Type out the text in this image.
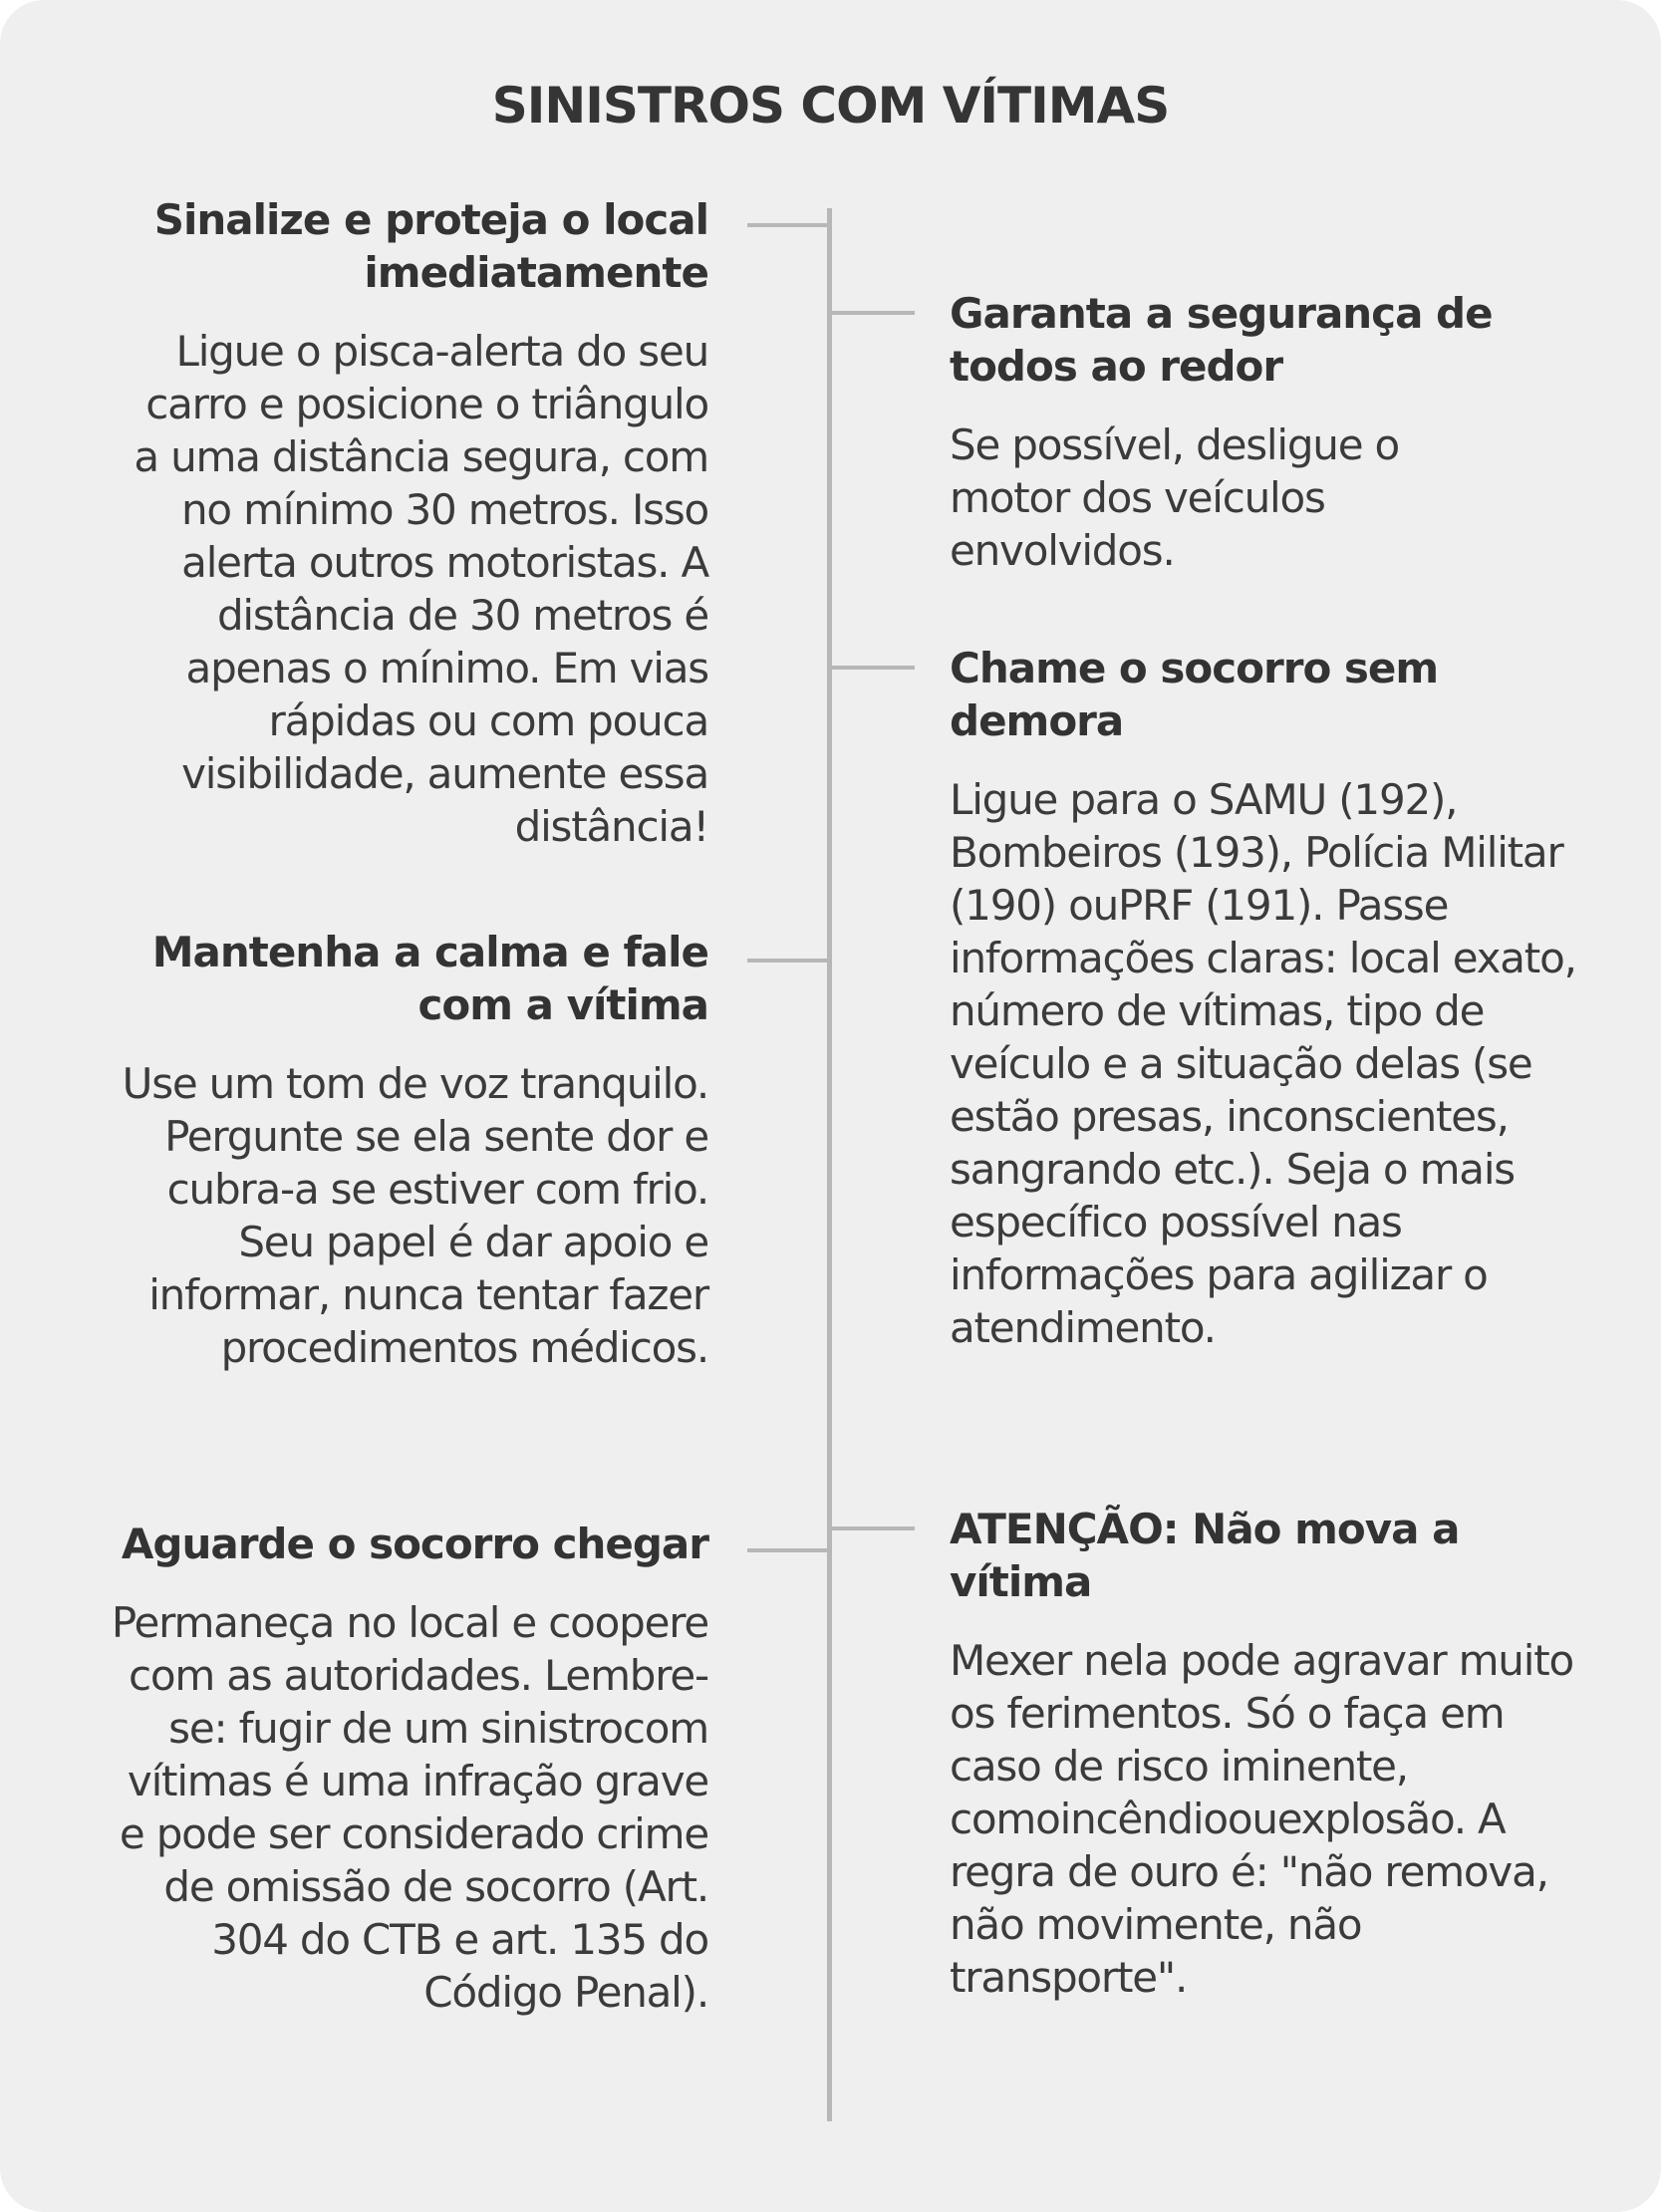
SINISTROS COM VÍTIMAS
Sinalize e proteja o local imediatamente

Ligue o pisca-alerta do seu carro e posicione o triângulo a uma distância segura, com no mínimo 30 metros. Isso alerta outros motoristas. A distância de 30 metros é apenas o mínimo. Em vias rápidas ou com pouca visibilidade, aumente essa distância!

Mantenha a calma e fale com a vítima

Use um tom de voz tranquilo. Pergunte se ela sente dor e cubra-a se estiver com frio. Seu papel é dar apoio e informar, nunca tentar fazer procedimentos médicos.

Aguarde o socorro chegar

Permaneça no local e coopere com as autoridades. Lembre-se: fugir de um sinistrocom vítimas é uma infração grave e pode ser considerado crime de omissão de socorro (Art. 304 do CTB e art. 135 do Código Penal).

Garanta a segurança de todos ao redor

Se possível, desligue o motor dos veículos envolvidos.

Chame o socorro sem demora

Ligue para o SAMU (192), Bombeiros (193), Polícia Militar (190) ouPRF (191). Passe informações claras: local exato, número de vítimas, tipo de veículo e a situação delas (se estão presas, inconscientes, sangrando etc.). Seja o mais específico possível nas informações para agilizar o atendimento.

ATENÇÃO: Não mova a vítima

Mexer nela pode agravar muito os ferimentos. Só o faça em caso de risco iminente, comoincêndioouexplosão. A regra de ouro é: "não remova, não movimente, não transporte".
